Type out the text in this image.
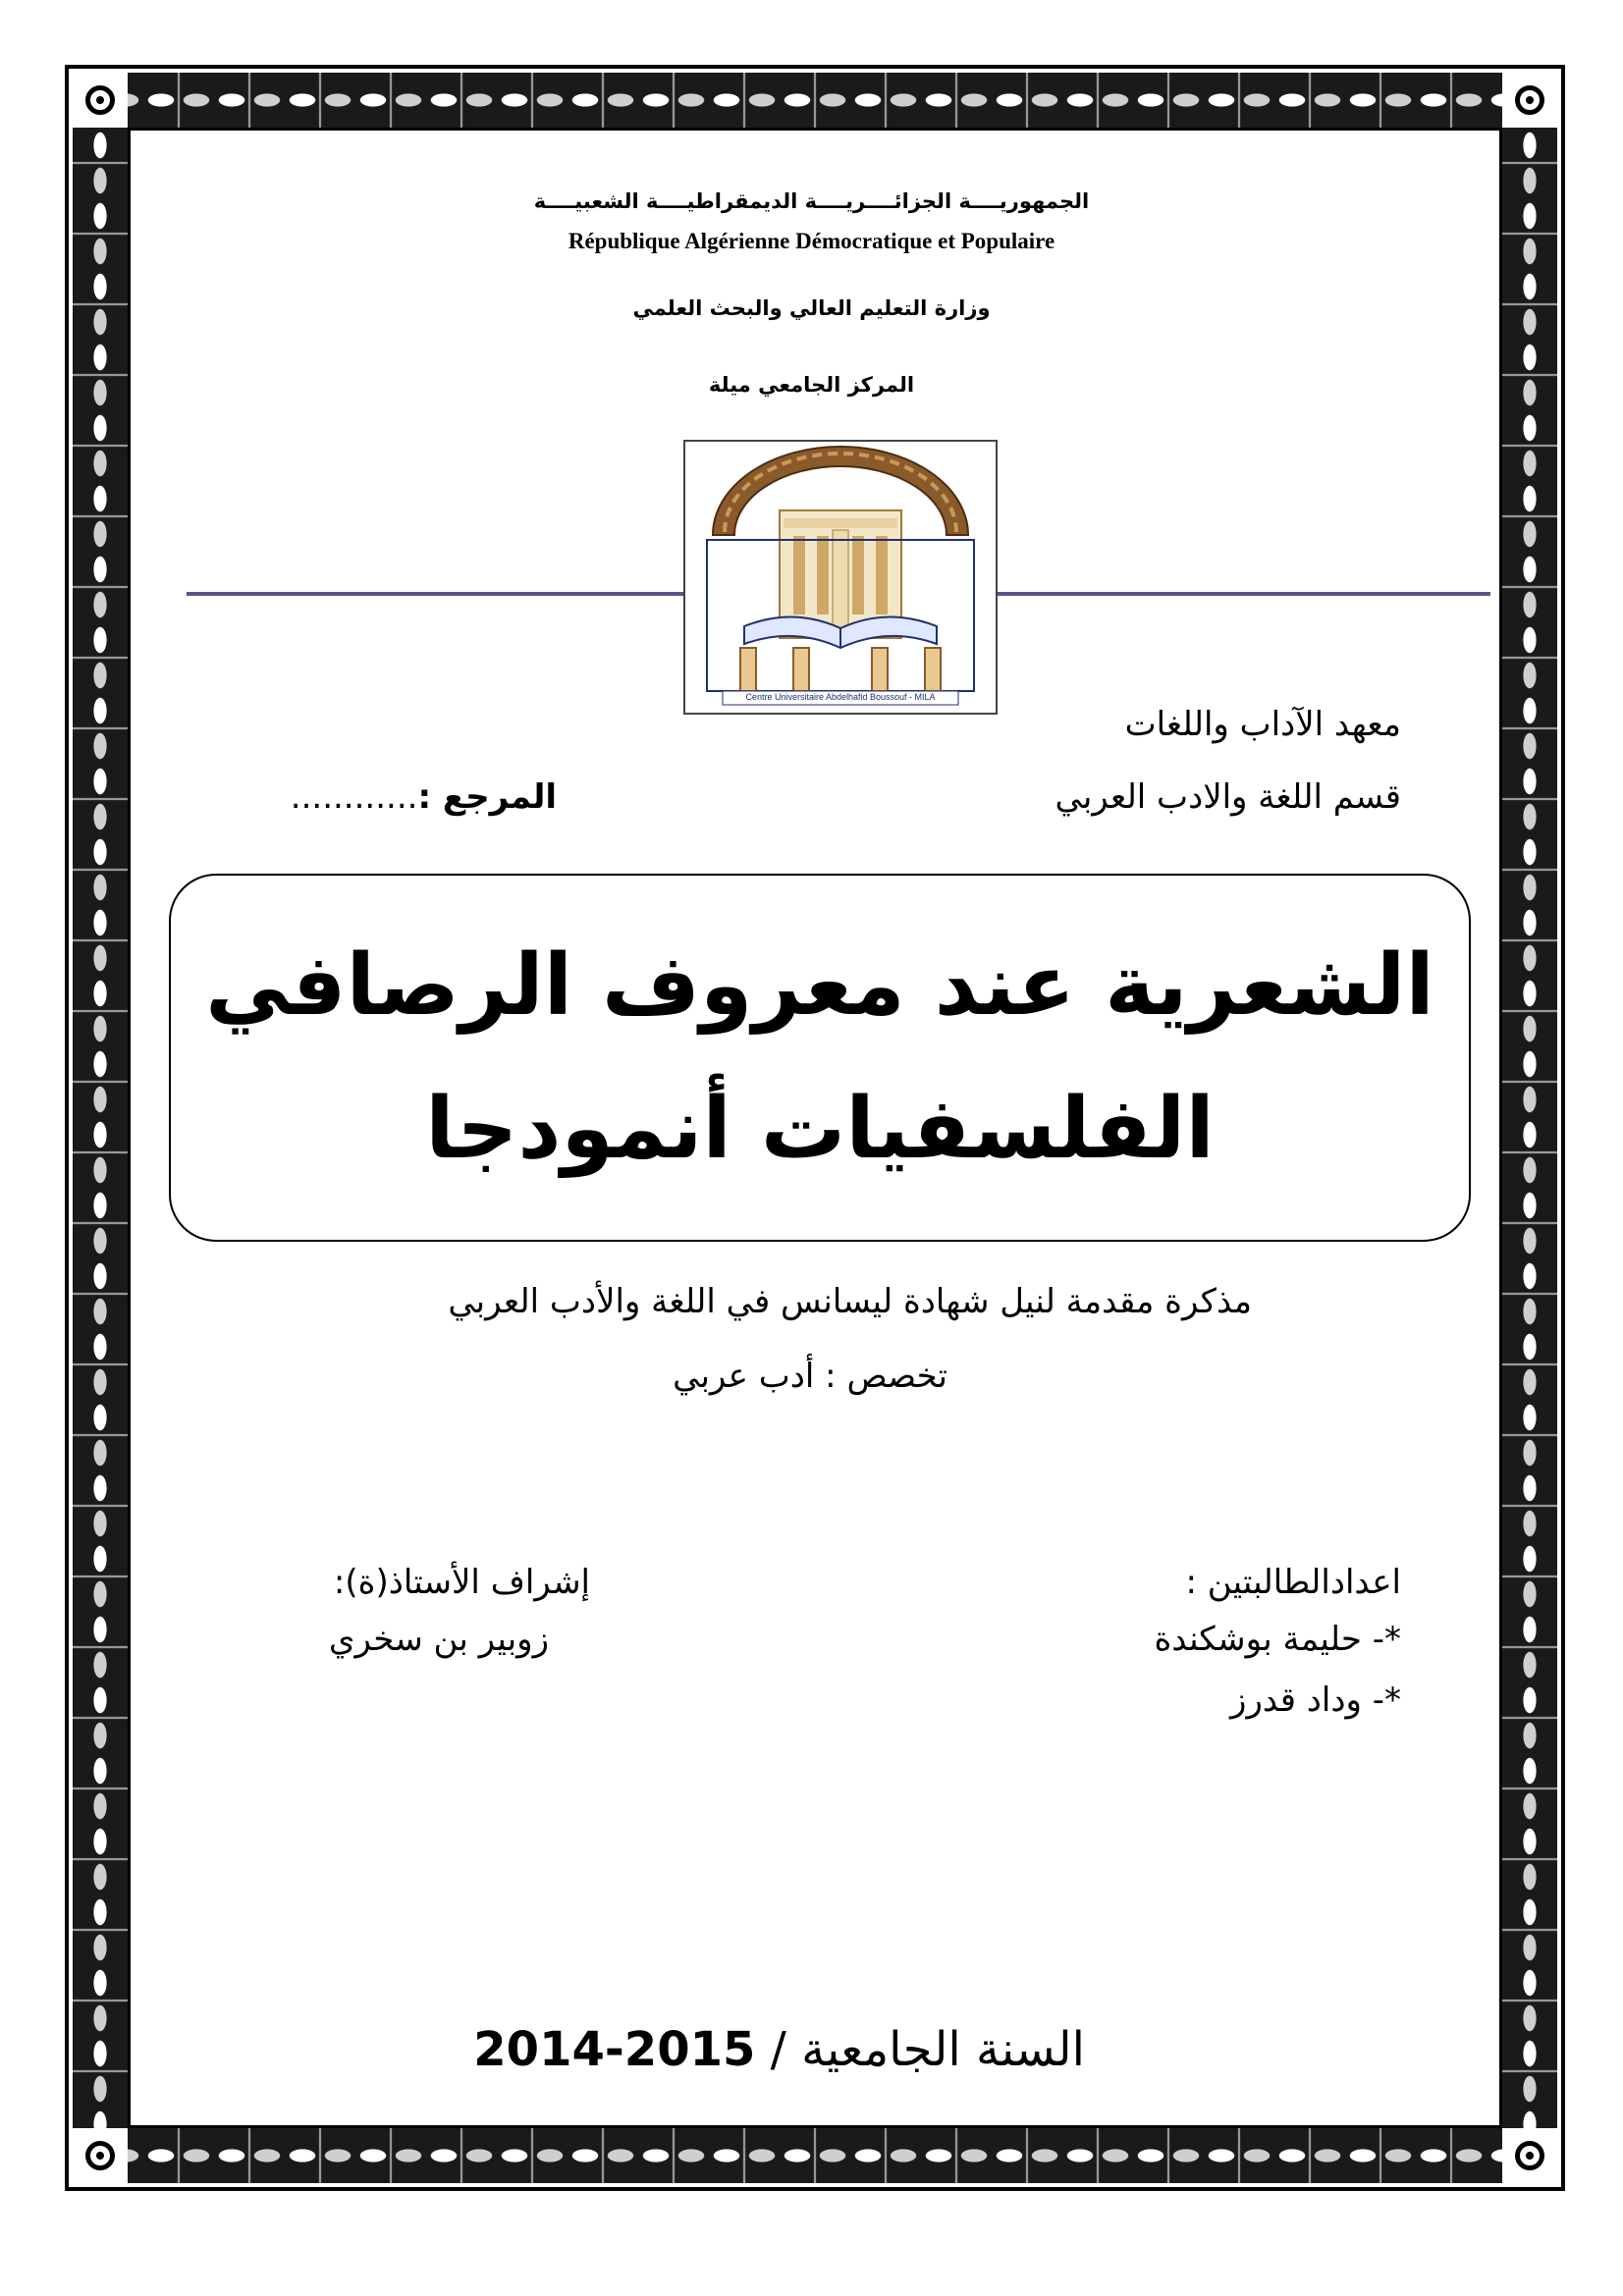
الجمهوريــــة الجزائــــريــــة الديمقراطيــــة الشعبيــــة
République Algérienne Démocratique et Populaire
وزارة التعليم العالي والبحث العلمي
المركز الجامعي ميلة
Centre Universitaire Abdelhafid Boussouf - MILA
معهد الآداب واللغات
قسم اللغة والادب العربي
المرجع :............
الشعرية عند معروف الرصافي
الفلسفيات أنمودجا
مذكرة مقدمة لنيل شهادة ليسانس في اللغة والأدب العربي
تخصص : أدب عربي
اعدادالطالبتين :
*- حليمة بوشكندة
*- وداد قدرز
إشراف الأستاذ(ة):
زوبير بن سخري
السنة الجامعية / 2015-2014
